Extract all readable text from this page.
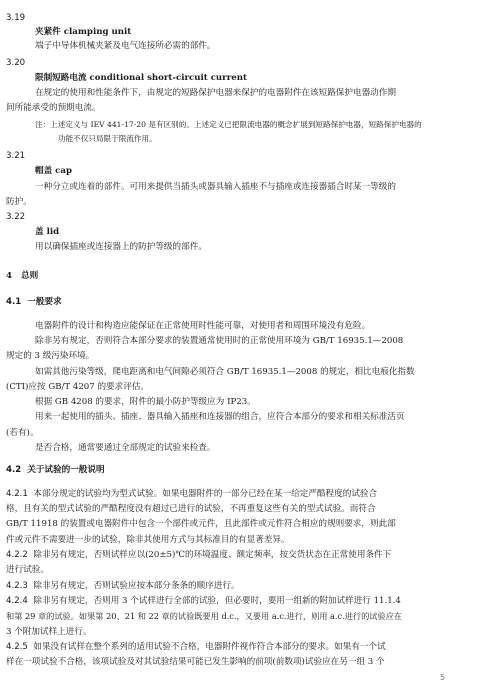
3.19
夹紧件 clamping unit
端子中导体机械夹紧及电气连接所必需的部件。
3.20
限制短路电流 conditional short-circuit current
在规定的使用和性能条件下，由规定的短路保护电器来保护的电器附件在该短路保护电器动作期
间所能承受的预期电流。
注：上述定义与 IEV 441-17-20 是有区别的。上述定义已把限流电器的概念扩展到短路保护电器，短路保护电器的
功能不仅只局限于限流作用。
3.21
帽盖 cap
一种分立或连着的部件。可用来提供当插头或器具输入插座不与插座或连接器插合时某一等级的
防护。
3.22
盖 lid
用以确保插座或连接器上的防护等级的部件。
4 总则
4.1 一般要求
电器附件的设计和构造应能保证在正常使用时性能可靠，对使用者和周围环境没有危险。
除非另有规定，否则符合本部分要求的装置通常使用时的正常使用环境为 GB/T 16935.1—2008
规定的 3 级污染环境。
如需其他污染等级，爬电距离和电气间隙必须符合 GB/T 16935.1—2008 的规定，相比电痕化指数
(CTI)应按 GB/T 4207 的要求评估。
根据 GB 4208 的要求，附件的最小防护等级应为 IP23。
用来一起使用的插头、插座、器具输入插座和连接器的组合，应符合本部分的要求和相关标准活页
(若有)。
是否合格，通常要通过全部规定的试验来检查。
4.2 关于试验的一般说明
4.2.1 本部分规定的试验均为型式试验。如果电器附件的一部分已经在某一给定严酷程度的试验合
格，且有关的型式试验的严酷程度没有超过已进行的试验，不再重复这些有关的型式试验。而符合
GB/T 11918 的装置或电器附件中包含一个部件或元件，且此部件或元件符合相应的规则要求，则此部
件或元件不需要进一步的试验，除非其使用方式与其标准目的有显著差异。
4.2.2 除非另有规定，否则试样应以(20±5)℃的环境温度、额定频率，按交货状态在正常使用条件下
进行试验。
4.2.3 除非另有规定，否则试验应按本部分条条的顺序进行。
4.2.4 除非另有规定，否则用 3 个试样进行全部的试验，但必要时，要用一组新的附加试样进行 11.1.4
和第 29 章的试验。如果第 20、21 和 22 章的试验既要用 d.c.，又要用 a.c.进行，则用 a.c.进行的试验应在
3 个附加试样上进行。
4.2.5 如果没有试样在整个系列的适用试验不合格，电器附件视作符合本部分的要求。如果有一个试
样在一项试验不合格，该项试验及对其试验结果可能已发生影响的前项(前数项)试验应在另一组 3 个
5
